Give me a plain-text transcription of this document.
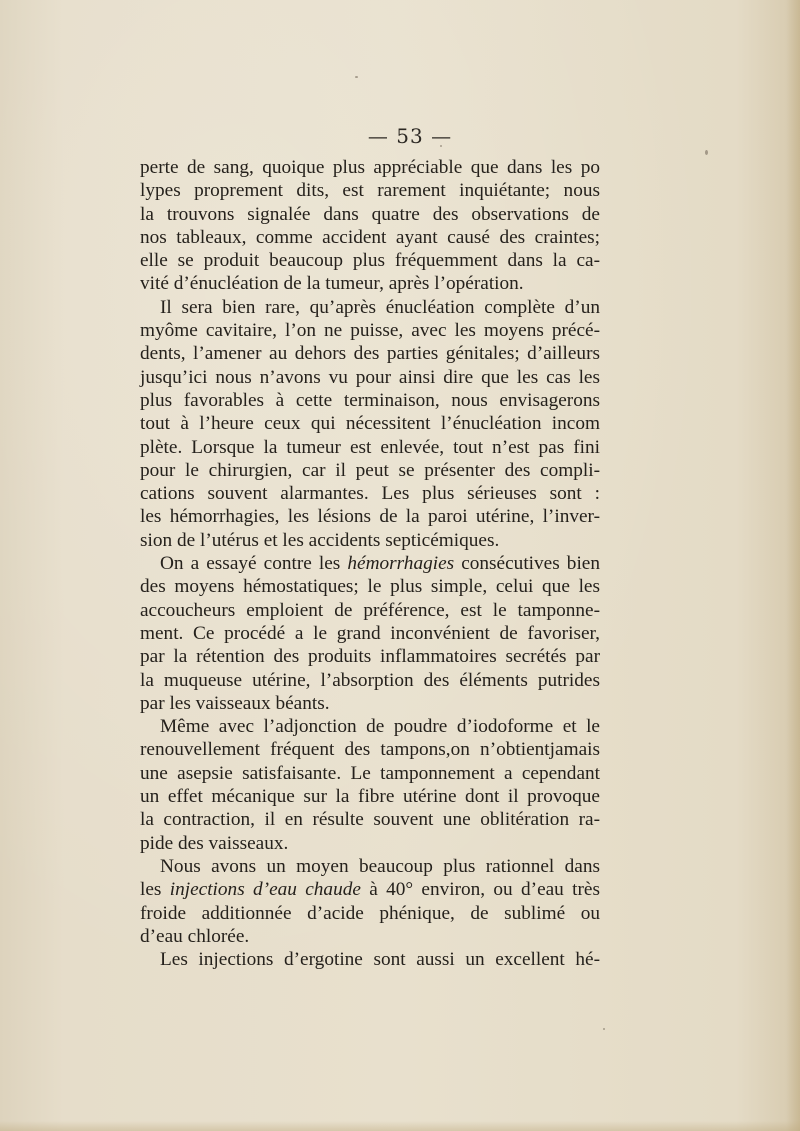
— 53 —
perte de sang, quoique plus appréciable que dans les po
lypes proprement dits, est rarement inquiétante; nous
la trouvons signalée dans quatre des observations de
nos tableaux, comme accident ayant causé des craintes;
elle se produit beaucoup plus fréquemment dans la ca-
vité d’énucléation de la tumeur, après l’opération.
Il sera bien rare, qu’après énucléation complète d’un
myôme cavitaire, l’on ne puisse, avec les moyens précé-
dents, l’amener au dehors des parties génitales; d’ailleurs
jusqu’ici nous n’avons vu pour ainsi dire que les cas les
plus favorables à cette terminaison, nous envisagerons
tout à l’heure ceux qui nécessitent l’énucléation incom
plète. Lorsque la tumeur est enlevée, tout n’est pas fini
pour le chirurgien, car il peut se présenter des compli-
cations souvent alarmantes. Les plus sérieuses sont :
les hémorrhagies, les lésions de la paroi utérine, l’inver-
sion de l’utérus et les accidents septicémiques.
On a essayé contre les hémorrhagies consécutives bien
des moyens hémostatiques; le plus simple, celui que les
accoucheurs emploient de préférence, est le tamponne-
ment. Ce procédé a le grand inconvénient de favoriser,
par la rétention des produits inflammatoires secrétés par
la muqueuse utérine, l’absorption des éléments putrides
par les vaisseaux béants.
Même avec l’adjonction de poudre d’iodoforme et le
renouvellement fréquent des tampons,on n’obtientjamais
une asepsie satisfaisante. Le tamponnement a cependant
un effet mécanique sur la fibre utérine dont il provoque
la contraction, il en résulte souvent une oblitération ra-
pide des vaisseaux.
Nous avons un moyen beaucoup plus rationnel dans
les injections d’eau chaude à 40° environ, ou d’eau très
froide additionnée d’acide phénique, de sublimé ou
d’eau chlorée.
Les injections d’ergotine sont aussi un excellent hé-
